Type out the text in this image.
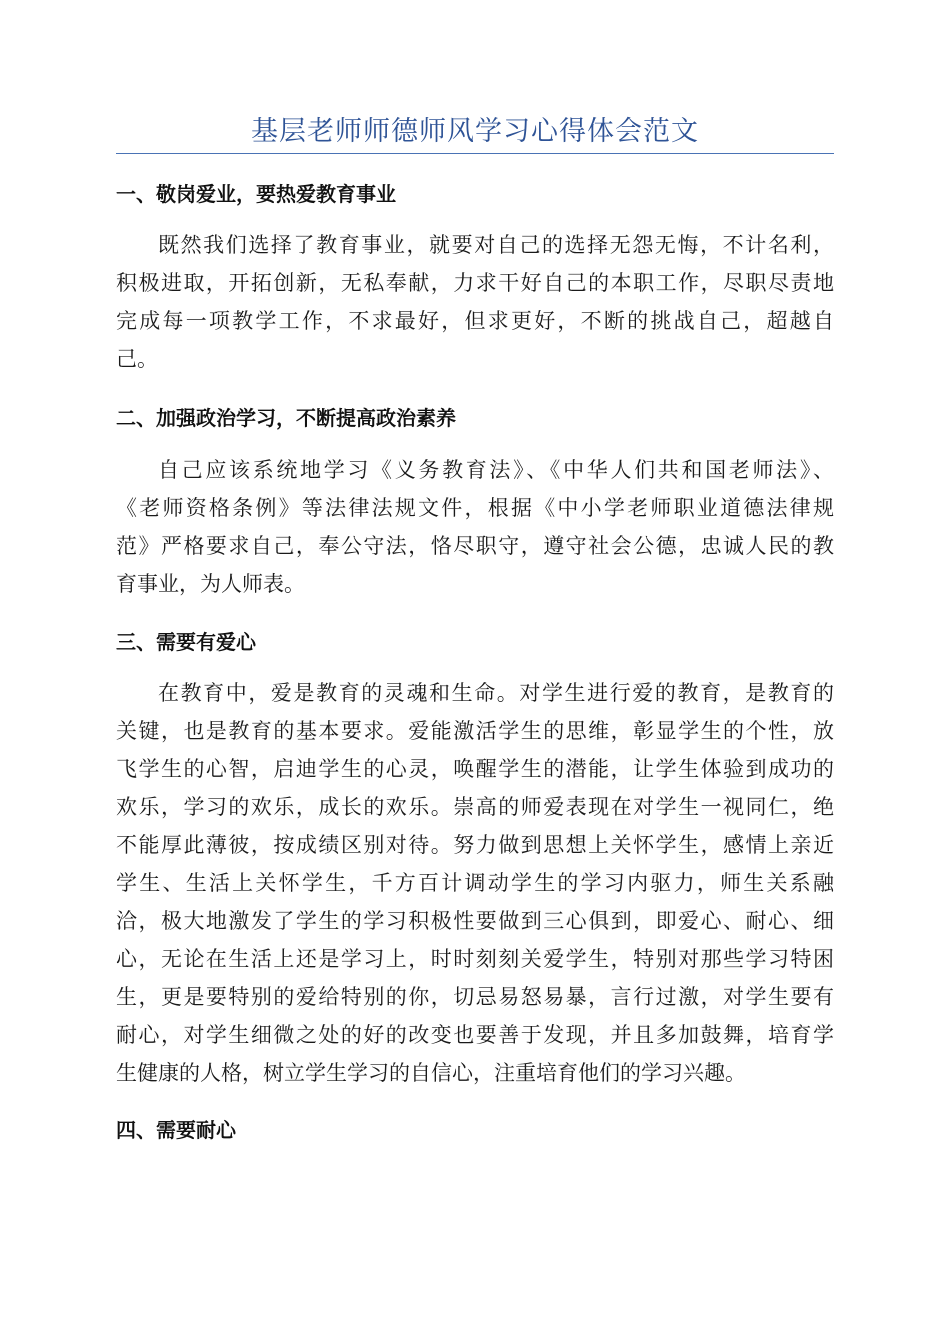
基层老师师德师风学习心得体会范文
一、敬岗爱业，要热爱教育事业
既然我们选择了教育事业，就要对自己的选择无怨无悔，不计名利，
积极进取，开拓创新，无私奉献，力求干好自己的本职工作，尽职尽责地
完成每一项教学工作，不求最好，但求更好，不断的挑战自己，超越自
己。
二、加强政治学习，不断提高政治素养
自己应该系统地学习《义务教育法》、《中华人们共和国老师法》、
《老师资格条例》等法律法规文件，根据《中小学老师职业道德法律规
范》严格要求自己，奉公守法，恪尽职守，遵守社会公德，忠诚人民的教
育事业，为人师表。
三、需要有爱心
在教育中，爱是教育的灵魂和生命。对学生进行爱的教育，是教育的
关键，也是教育的基本要求。爱能激活学生的思维，彰显学生的个性，放
飞学生的心智，启迪学生的心灵，唤醒学生的潜能，让学生体验到成功的
欢乐，学习的欢乐，成长的欢乐。崇高的师爱表现在对学生一视同仁，绝
不能厚此薄彼，按成绩区别对待。努力做到思想上关怀学生，感情上亲近
学生、生活上关怀学生，千方百计调动学生的学习内驱力，师生关系融
洽，极大地激发了学生的学习积极性要做到三心俱到，即爱心、耐心、细
心，无论在生活上还是学习上，时时刻刻关爱学生，特别对那些学习特困
生，更是要特别的爱给特别的你，切忌易怒易暴，言行过激，对学生要有
耐心，对学生细微之处的好的改变也要善于发现，并且多加鼓舞，培育学
生健康的人格，树立学生学习的自信心，注重培育他们的学习兴趣。
四、需要耐心
